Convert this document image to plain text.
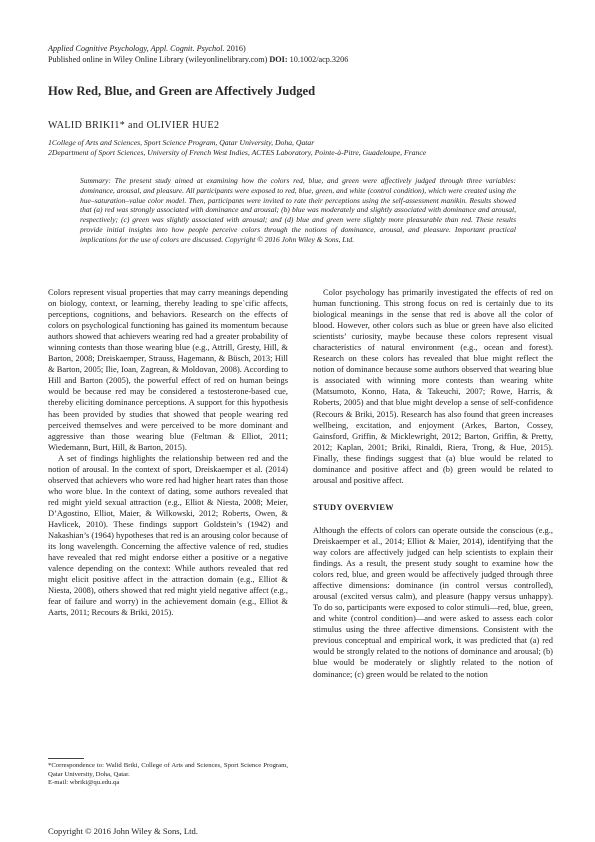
Applied Cognitive Psychology, Appl. Cognit. Psychol. 2016)
Published online in Wiley Online Library (wileyonlinelibrary.com) DOI: 10.1002/acp.3206
How Red, Blue, and Green are Affectively Judged
WALID BRIKI1* and OLIVIER HUE2
1College of Arts and Sciences, Sport Science Program, Qatar University, Doha, Qatar
2Department of Sport Sciences, University of French West Indies, ACTES Laboratory, Pointe-à-Pitre, Guadeloupe, France
Summary: The present study aimed at examining how the colors red, blue, and green were affectively judged through three variables: dominance, arousal, and pleasure. All participants were exposed to red, blue, green, and white (control condition), which were created using the hue–saturation–value color model. Then, participants were invited to rate their perceptions using the self-assessment manikin. Results showed that (a) red was strongly associated with dominance and arousal; (b) blue was moderately and slightly associated with dominance and arousal, respectively; (c) green was slightly associated with arousal; and (d) blue and green were slightly more pleasurable than red. These results provide initial insights into how people perceive colors through the notions of dominance, arousal, and pleasure. Important practical implications for the use of colors are discussed. Copyright © 2016 John Wiley & Sons, Ltd.

Colors represent visual properties that may carry meanings depending on biology, context, or learning, thereby leading to spe`cific affects, perceptions, cognitions, and behaviors. Research on the effects of colors on psychological functioning has gained its momentum because authors showed that achievers wearing red had a greater probability of winning contests than those wearing blue (e.g., Attrill, Gresty, Hill, & Barton, 2008; Dreiskaemper, Strauss, Hagemann, & Büsch, 2013; Hill & Barton, 2005; Ilie, Ioan, Zagrean, & Moldovan, 2008). According to Hill and Barton (2005), the powerful effect of red on human beings would be because red may be considered a testosterone-based cue, thereby eliciting dominance perceptions. A support for this hypothesis has been provided by studies that showed that people wearing red perceived themselves and were perceived to be more dominant and aggressive than those wearing blue (Feltman & Elliot, 2011; Wiedemann, Burt, Hill, & Barton, 2015).

A set of findings highlights the relationship between red and the notion of arousal. In the context of sport, Dreiskaemper et al. (2014) observed that achievers who wore red had higher heart rates than those who wore blue. In the context of dating, some authors revealed that red might yield sexual attraction (e.g., Elliot & Niesta, 2008; Meier, D’Agostino, Elliot, Maier, & Wilkowski, 2012; Roberts, Owen, & Havlicek, 2010). These findings support Goldstein’s (1942) and Nakashian’s (1964) hypotheses that red is an arousing color because of its long wavelength. Concerning the affective valence of red, studies have revealed that red might endorse either a positive or a negative valence depending on the context: While authors revealed that red might elicit positive affect in the attraction domain (e.g., Elliot & Niesta, 2008), others showed that red might yield negative affect (e.g., fear of failure and worry) in the achievement domain (e.g., Elliot & Aarts, 2011; Recours & Briki, 2015).

Color psychology has primarily investigated the effects of red on human functioning. This strong focus on red is certainly due to its biological meanings in the sense that red is above all the color of blood. However, other colors such as blue or green have also elicited scientists’ curiosity, maybe because these colors represent visual characteristics of natural environment (e.g., ocean and forest). Research on these colors has revealed that blue might reflect the notion of dominance because some authors observed that wearing blue is associated with winning more contests than wearing white (Matsumoto, Konno, Hata, & Takeuchi, 2007; Rowe, Harris, & Roberts, 2005) and that blue might develop a sense of self-confidence (Recours & Briki, 2015). Research has also found that green increases wellbeing, excitation, and enjoyment (Arkes, Barton, Cossey, Gainsford, Griffin, & Micklewright, 2012; Barton, Griffin, & Pretty, 2012; Kaplan, 2001; Briki, Rinaldi, Riera, Trong, & Hue, 2015). Finally, these findings suggest that (a) blue would be related to dominance and positive affect and (b) green would be related to arousal and positive affect.

STUDY OVERVIEW

Although the effects of colors can operate outside the conscious (e.g., Dreiskaemper et al., 2014; Elliot & Maier, 2014), identifying that the way colors are affectively judged can help scientists to explain their findings. As a result, the present study sought to examine how the colors red, blue, and green would be affectively judged through three affective dimensions: dominance (in control versus controlled), arousal (excited versus calm), and pleasure (happy versus unhappy). To do so, participants were exposed to color stimuli—red, blue, green, and white (control condition)—and were asked to assess each color stimulus using the three affective dimensions. Consistent with the previous conceptual and empirical work, it was predicted that (a) red would be strongly related to the notions of dominance and arousal; (b) blue would be moderately or slightly related to the notion of dominance; (c) green would be related to the notion

*Correspondence to: Walid Briki, College of Arts and Sciences, Sport Science Program, Qatar University, Doha, Qatar.
E-mail: wbriki@qu.edu.qa
Copyright © 2016 John Wiley & Sons, Ltd.
